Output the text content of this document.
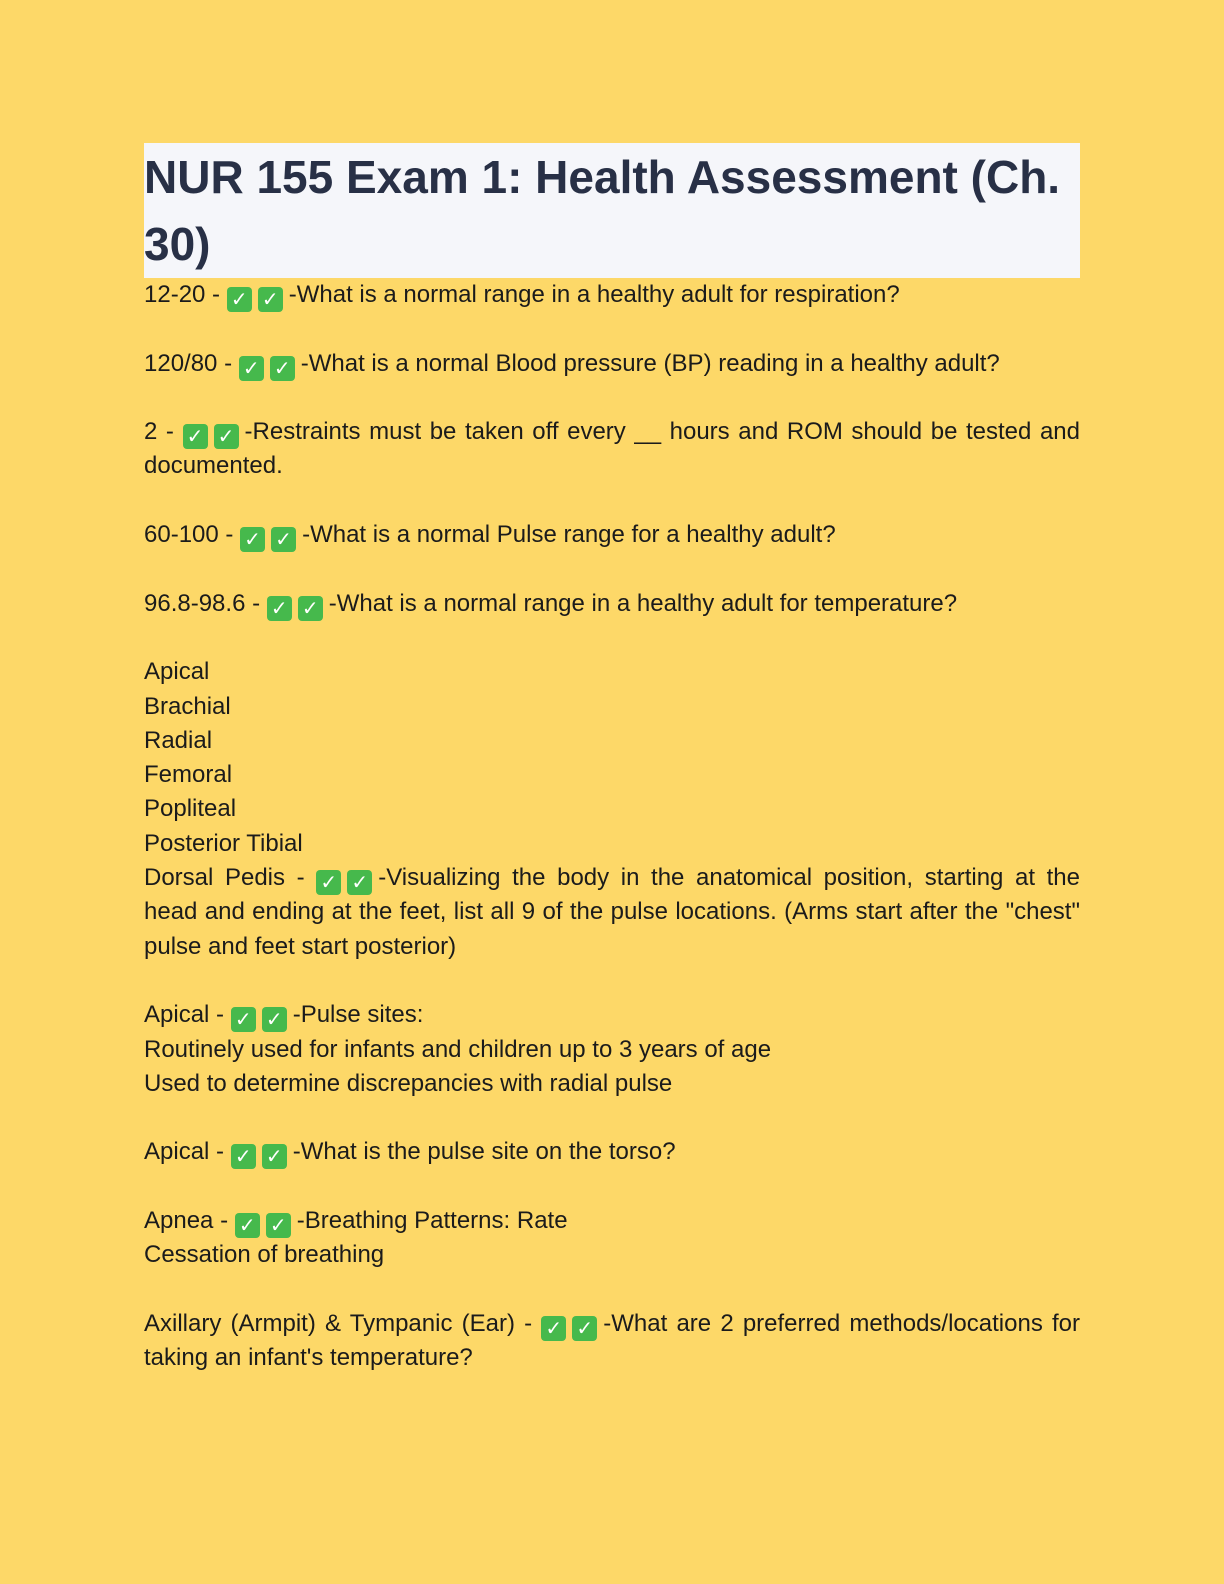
NUR 155 Exam 1: Health Assessment (Ch. 30)

12-20 - ✓ ✓ -What is a normal range in a healthy adult for respiration?

120/80 - ✓ ✓ -What is a normal Blood pressure (BP) reading in a healthy adult?

2 - ✓ ✓ -Restraints must be taken off every __ hours and ROM should be tested and documented.

60-100 - ✓ ✓ -What is a normal Pulse range for a healthy adult?

96.8-98.6 - ✓ ✓ -What is a normal range in a healthy adult for temperature?

Apical
Brachial
Radial
Femoral
Popliteal
Posterior Tibial

Dorsal Pedis - ✓ ✓ -Visualizing the body in the anatomical position, starting at the head and ending at the feet, list all 9 of the pulse locations. (Arms start after the "chest" pulse and feet start posterior)

Apical - ✓ ✓ -Pulse sites:

Routinely used for infants and children up to 3 years of age
Used to determine discrepancies with radial pulse

Apical - ✓ ✓ -What is the pulse site on the torso?

Apnea - ✓ ✓ -Breathing Patterns: Rate

Cessation of breathing

Axillary (Armpit) & Tympanic (Ear) - ✓ ✓ -What are 2 preferred methods/locations for taking an infant's temperature?
